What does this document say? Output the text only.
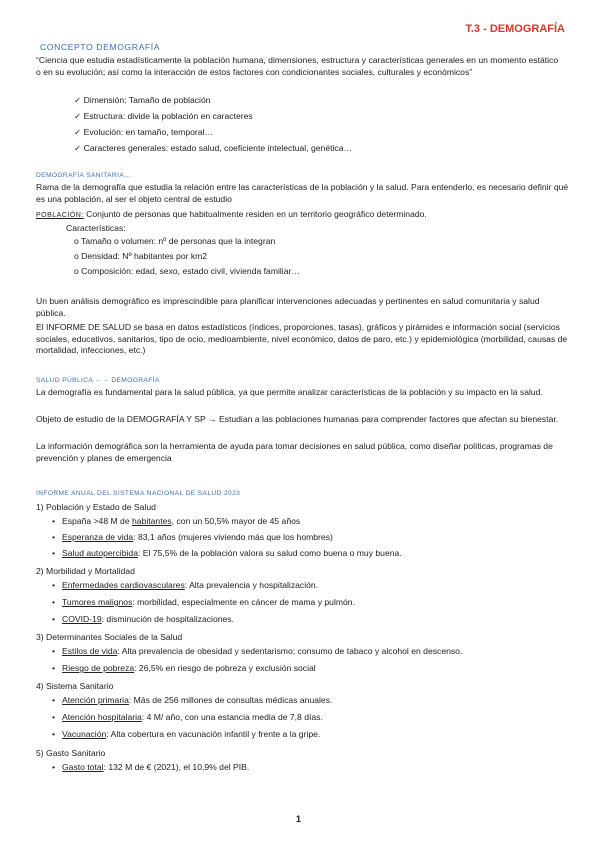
T.3 - DEMOGRAFÍA
CONCEPTO DEMOGRAFÍA
“Ciencia que estudia estadísticamente la población humana, dimensiones, estructura y características generales en un momento estático o en su evolución; así como la interacción de estos factores con condicionantes sociales, culturales y económicos”
✓ Dimensión: Tamaño de población
✓ Estructura: divide la población en caracteres
✓ Evolución: en tamaño, temporal…
✓ Caracteres generales: estado salud, coeficiente intelectual, genética…
DEMOGRAFÍA SANITARIA…
Rama de la demografía que estudia la relación entre las características de la población y la salud. Para entenderlo, es necesario definir qué es una población, al ser el objeto central de estudio
POBLACIÓN: Conjunto de personas que habitualmente residen en un territorio geográfico determinado.
Características:
o Tamaño o volumen: nº de personas que la integran
o Densidad: Nº habitantes por km2
o Composición: edad, sexo, estado civil, vivienda familiar…
Un buen análisis demográfico es imprescindible para planificar intervenciones adecuadas y pertinentes en salud comunitaria y salud pública.
El INFORME DE SALUD se basa en datos estadísticos (índices, proporciones, tasas), gráficos y pirámides e información social (servicios sociales, educativos, sanitarios, tipo de ocio, medioambiente, nivel económico, datos de paro, etc.) y epidemiológica (morbilidad, causas de mortalidad, infecciones, etc.)
SALUD PÚBLICA ←→ DEMOGRAFÍA
La demografía es fundamental para la salud pública, ya que permite analizar características de la población y su impacto en la salud.
Objeto de estudio de la DEMOGRAFÍA Y SP → Estudian a las poblaciones humanas para comprender factores que afectan su bienestar.
La información demográfica son la herramienta de ayuda para tomar decisiones en salud pública, como diseñar políticas, programas de prevención y planes de emergencia
INFORME ANUAL DEL SISTEMA NACIONAL DE SALUD 2023
1) Población y Estado de Salud
• España >48 M de habitantes, con un 50,5% mayor de 45 años
• Esperanza de vida: 83,1 años (mujeres viviendo más que los hombres)
• Salud autopercibida: El 75,5% de la población valora su salud como buena o muy buena.
2) Morbilidad y Mortalidad
• Enfermedades cardiovasculares: Alta prevalencia y hospitalización.
• Tumores malignos: morbilidad, especialmente en cáncer de mama y pulmón.
• COVID-19: disminución de hospitalizaciones.
3) Determinantes Sociales de la Salud
• Estilos de vida: Alta prevalencia de obesidad y sedentarismo; consumo de tabaco y alcohol en descenso.
• Riesgo de pobreza: 26,5% en riesgo de pobreza y exclusión social
4) Sistema Sanitario
• Atención primaria: Más de 256 millones de consultas médicas anuales.
• Atención hospitalaria: 4 M/ año, con una estancia media de 7,8 días.
• Vacunación: Alta cobertura en vacunación infantil y frente a la gripe.
5) Gasto Sanitario
• Gasto total: 132 M de € (2021), el 10,9% del PIB.
1
